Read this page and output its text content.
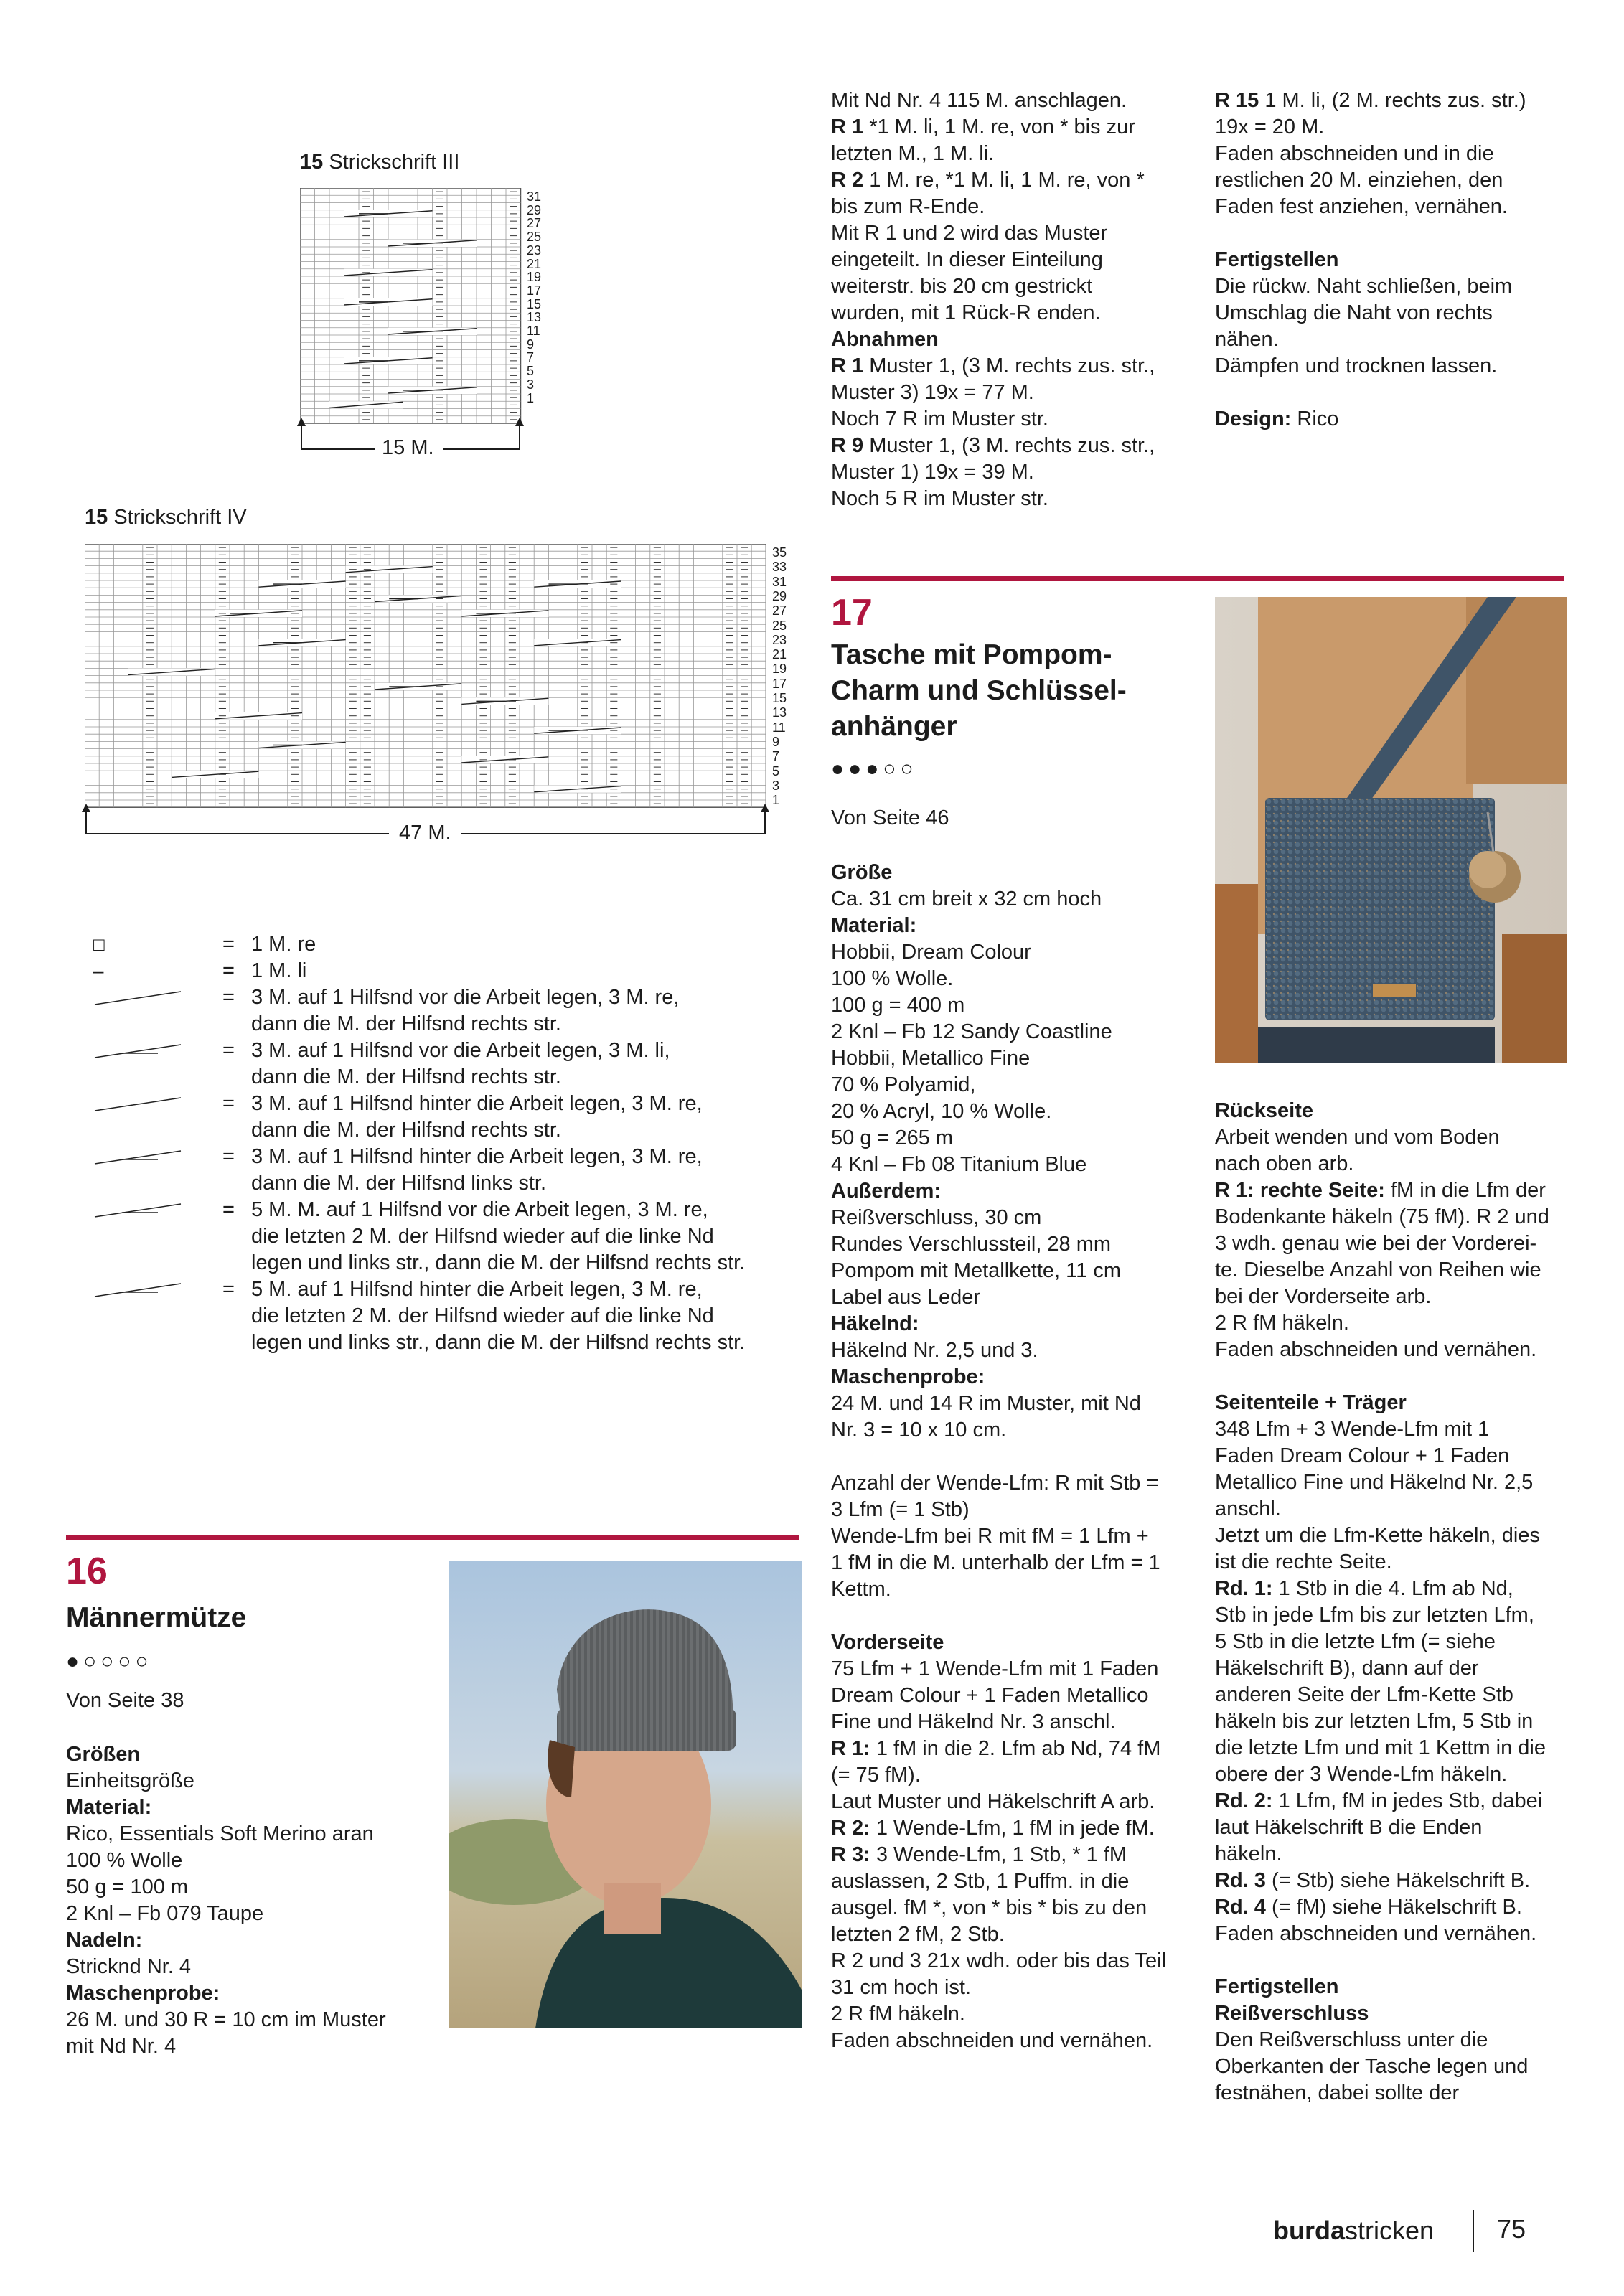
15 Strickschrift III
31
29
27
25
23
21
19
17
15
13
11
9
7
5
3
1
15 M.
15 Strickschrift IV
35
33
31
29
27
25
23
21
19
17
15
13
11
9
7
5
3
1
47 M.
□	= 1 M. re
–	= 1 M. li
= 3 M. auf 1 Hilfsnd vor die Arbeit legen, 3 M. re,
dann die M. der Hilfsnd rechts str.
= 3 M. auf 1 Hilfsnd vor die Arbeit legen, 3 M. li,
dann die M. der Hilfsnd rechts str.
= 3 M. auf 1 Hilfsnd hinter die Arbeit legen, 3 M. re,
dann die M. der Hilfsnd rechts str.
= 3 M. auf 1 Hilfsnd hinter die Arbeit legen, 3 M. re,
dann die M. der Hilfsnd links str.
= 5 M. M. auf 1 Hilfsnd vor die Arbeit legen, 3 M. re,
die letzten 2 M. der Hilfsnd wieder auf die linke Nd
legen und links str., dann die M. der Hilfsnd rechts str.
= 5 M. auf 1 Hilfsnd hinter die Arbeit legen, 3 M. re,
die letzten 2 M. der Hilfsnd wieder auf die linke Nd
legen und links str., dann die M. der Hilfsnd rechts str.
Mit Nd Nr. 4 115 M. anschlagen.
R 1 *1 M. li, 1 M. re, von * bis zur
letzten M., 1 M. li.
R 2 1 M. re, *1 M. li, 1 M. re, von *
bis zum R-Ende.
Mit R 1 und 2 wird das Muster
eingeteilt. In dieser Einteilung
weiterstr. bis 20 cm gestrickt
wurden, mit 1 Rück-R enden.
Abnahmen
R 1 Muster 1, (3 M. rechts zus. str.,
Muster 3) 19x = 77 M.
Noch 7 R im Muster str.
R 9 Muster 1, (3 M. rechts zus. str.,
Muster 1) 19x = 39 M.
Noch 5 R im Muster str.
R 15 1 M. li, (2 M. rechts zus. str.)
19x = 20 M.
Faden abschneiden und in die
restlichen 20 M. einziehen, den
Faden fest anziehen, vernähen.

Fertigstellen
Die rückw. Naht schließen, beim
Umschlag die Naht von rechts
nähen.
Dämpfen und trocknen lassen.

Design: Rico
17
Tasche mit Pompom-
Charm und Schlüssel-
anhänger
●●●○○
Von Seite 46
Größe
Ca. 31 cm breit x 32 cm hoch
Material:
Hobbii, Dream Colour
100 % Wolle.
100 g = 400 m
2 Knl – Fb 12 Sandy Coastline
Hobbii, Metallico Fine
70 % Polyamid,
20 % Acryl, 10 % Wolle.
50 g = 265 m
4 Knl – Fb 08 Titanium Blue
Außerdem:
Reißverschluss, 30 cm
Rundes Verschlussteil, 28 mm
Pompom mit Metallkette, 11 cm
Label aus Leder
Häkelnd:
Häkelnd Nr. 2,5 und 3.
Maschenprobe:
24 M. und 14 R im Muster, mit Nd
Nr. 3 = 10 x 10 cm.

Anzahl der Wende-Lfm: R mit Stb =
3 Lfm (= 1 Stb)
Wende-Lfm bei R mit fM = 1 Lfm +
1 fM in die M. unterhalb der Lfm = 1
Kettm.

Vorderseite
75 Lfm + 1 Wende-Lfm mit 1 Faden
Dream Colour + 1 Faden Metallico
Fine und Häkelnd Nr. 3 anschl.
R 1: 1 fM in die 2. Lfm ab Nd, 74 fM
(= 75 fM).
Laut Muster und Häkelschrift A arb.
R 2: 1 Wende-Lfm, 1 fM in jede fM.
R 3: 3 Wende-Lfm, 1 Stb, * 1 fM
auslassen, 2 Stb, 1 Puffm. in die
ausgel. fM *, von * bis * bis zu den
letzten 2 fM, 2 Stb.
R 2 und 3 21x wdh. oder bis das Teil
31 cm hoch ist.
2 R fM häkeln.
Faden abschneiden und vernähen.
Rückseite
Arbeit wenden und vom Boden
nach oben arb.
R 1: rechte Seite: fM in die Lfm der
Bodenkante häkeln (75 fM). R 2 und
3 wdh. genau wie bei der Vorderei-
te. Dieselbe Anzahl von Reihen wie
bei der Vorderseite arb.
2 R fM häkeln.
Faden abschneiden und vernähen.

Seitenteile + Träger
348 Lfm + 3 Wende-Lfm mit 1
Faden Dream Colour + 1 Faden
Metallico Fine und Häkelnd Nr. 2,5
anschl.
Jetzt um die Lfm-Kette häkeln, dies
ist die rechte Seite.
Rd. 1: 1 Stb in die 4. Lfm ab Nd,
Stb in jede Lfm bis zur letzten Lfm,
5 Stb in die letzte Lfm (= siehe
Häkelschrift B), dann auf der
anderen Seite der Lfm-Kette Stb
häkeln bis zur letzten Lfm, 5 Stb in
die letzte Lfm und mit 1 Kettm in die
obere der 3 Wende-Lfm häkeln.
Rd. 2: 1 Lfm, fM in jedes Stb, dabei
laut Häkelschrift B die Enden
häkeln.
Rd. 3 (= Stb) siehe Häkelschrift B.
Rd. 4 (= fM) siehe Häkelschrift B.
Faden abschneiden und vernähen.

Fertigstellen
Reißverschluss
Den Reißverschluss unter die
Oberkanten der Tasche legen und
festnähen, dabei sollte der
16
Männermütze
●○○○○
Von Seite 38
Größen
Einheitsgröße
Material:
Rico, Essentials Soft Merino aran
100 % Wolle
50 g = 100 m
2 Knl – Fb 079 Taupe
Nadeln:
Stricknd Nr. 4
Maschenprobe:
26 M. und 30 R = 10 cm im Muster
mit Nd Nr. 4
burdastricken 75
